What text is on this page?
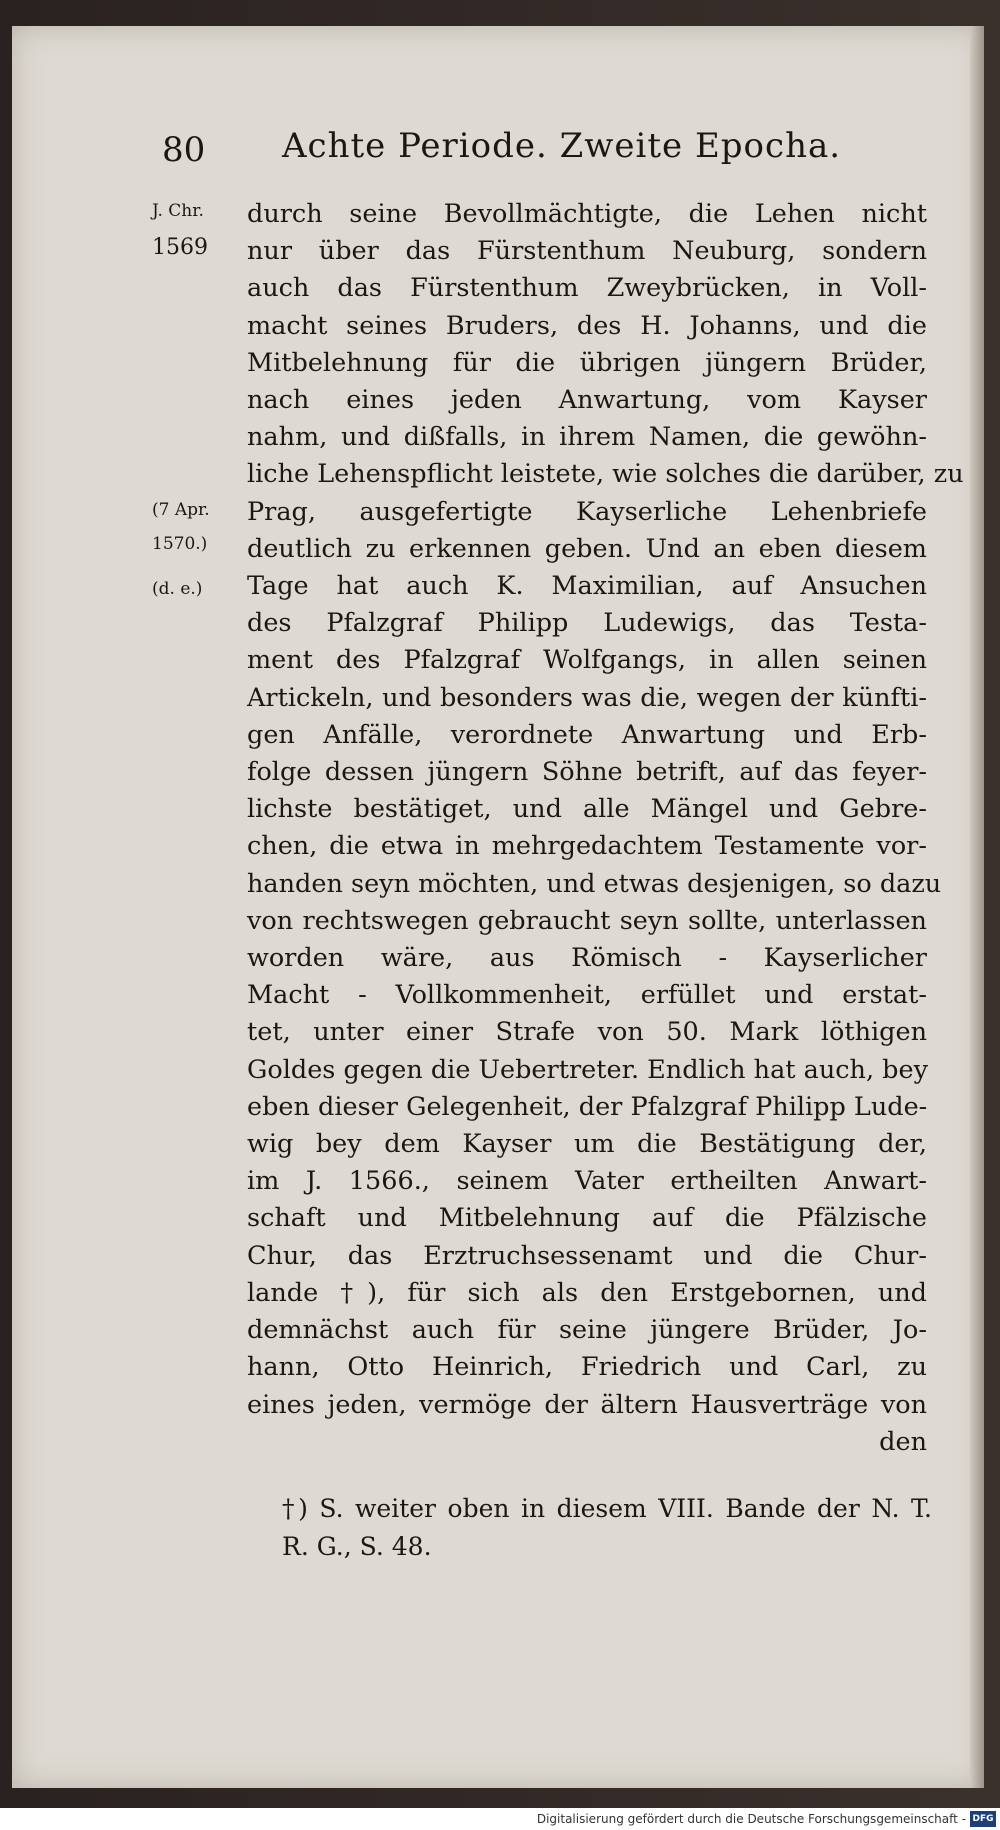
80 Achte Periode. Zweite Epocha.
J. Chr.
1569
(7 Apr.
1570.)
(d. e.)
durch seine Bevollmächtigte, die Lehen nicht
nur über das Fürstenthum Neuburg, sondern
auch das Fürstenthum Zweybrücken, in Voll-
macht seines Bruders, des H. Johanns, und die
Mitbelehnung für die übrigen jüngern Brüder,
nach eines jeden Anwartung, vom Kayser
nahm, und dißfalls, in ihrem Namen, die gewöhn-
liche Lehenspflicht leistete, wie solches die darüber, zu
Prag, ausgefertigte Kayserliche Lehenbriefe
deutlich zu erkennen geben. Und an eben diesem
Tage hat auch K. Maximilian, auf Ansuchen
des Pfalzgraf Philipp Ludewigs, das Testa-
ment des Pfalzgraf Wolfgangs, in allen seinen
Artickeln, und besonders was die, wegen der künfti-
gen Anfälle, verordnete Anwartung und Erb-
folge dessen jüngern Söhne betrift, auf das feyer-
lichste bestätiget, und alle Mängel und Gebre-
chen, die etwa in mehrgedachtem Testamente vor-
handen seyn möchten, und etwas desjenigen, so dazu
von rechtswegen gebraucht seyn sollte, unterlassen
worden wäre, aus Römisch - Kayserlicher
Macht - Vollkommenheit, erfüllet und erstat-
tet, unter einer Strafe von 50. Mark löthigen
Goldes gegen die Uebertreter. Endlich hat auch, bey
eben dieser Gelegenheit, der Pfalzgraf Philipp Lude-
wig bey dem Kayser um die Bestätigung der,
im J. 1566., seinem Vater ertheilten Anwart-
schaft und Mitbelehnung auf die Pfälzische
Chur, das Erztruchsessenamt und die Chur-
lande †), für sich als den Erstgebornen, und
demnächst auch für seine jüngere Brüder, Jo-
hann, Otto Heinrich, Friedrich und Carl, zu
eines jeden, vermöge der ältern Hausverträge von
den
†) S. weiter oben in diesem VIII. Bande der N. T.
R. G., S. 48.
Digitalisierung gefördert durch die Deutsche Forschungsgemeinschaft - DFG
